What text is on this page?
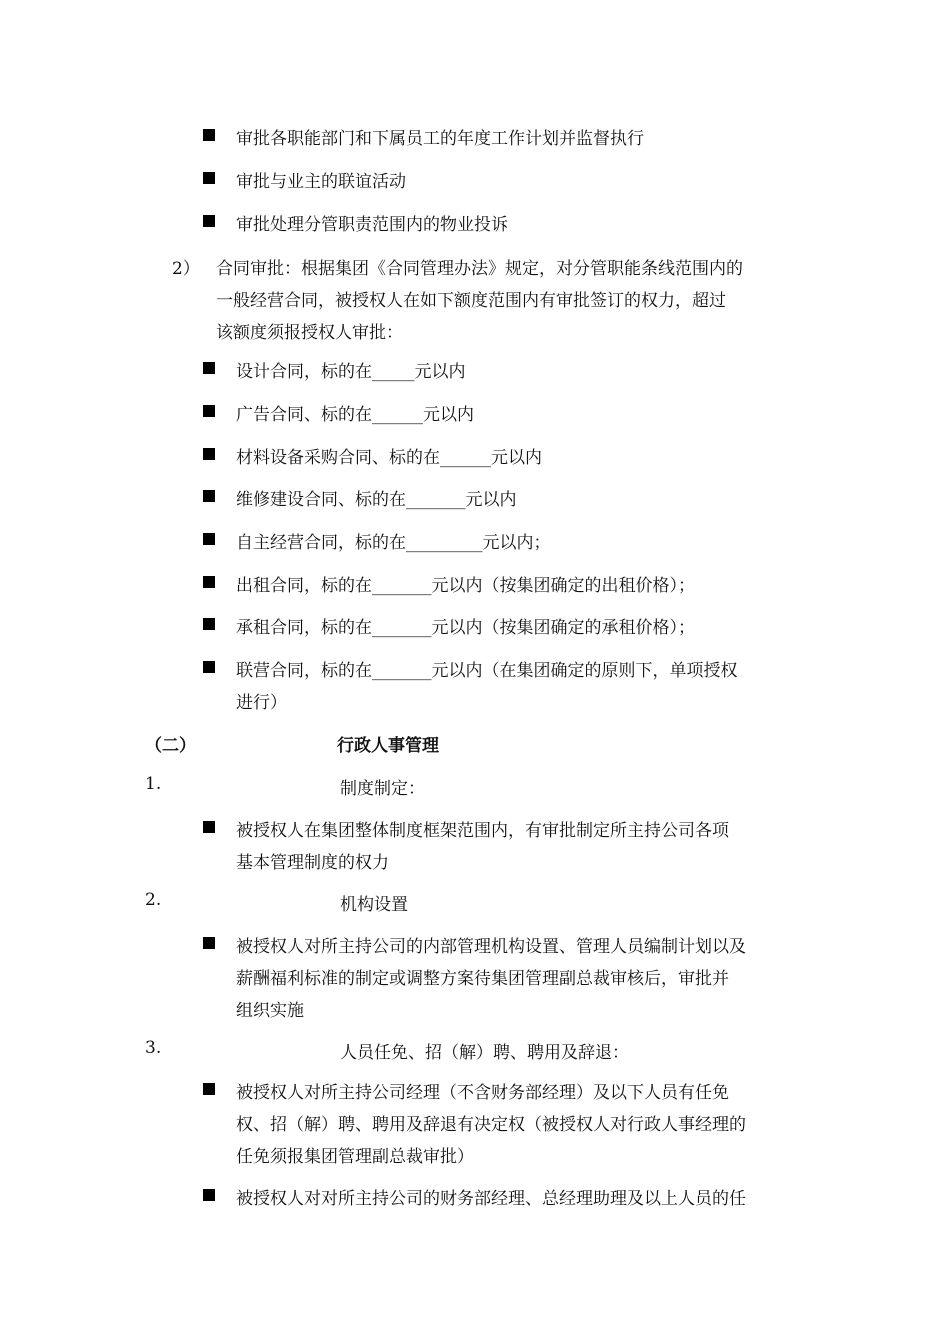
审批各职能部门和下属员工的年度工作计划并监督执行
审批与业主的联谊活动
审批处理分管职责范围内的物业投诉
2） 合同审批：根据集团《合同管理办法》规定，对分管职能条线范围内的
一般经营合同，被授权人在如下额度范围内有审批签订的权力，超过
该额度须报授权人审批：
设计合同，标的在_____元以内
广告合同、标的在______元以内
材料设备采购合同、标的在______元以内
维修建设合同、标的在_______元以内
自主经营合同，标的在_________元以内；
出租合同，标的在_______元以内（按集团确定的出租价格）；
承租合同，标的在_______元以内（按集团确定的承租价格）；
联营合同，标的在_______元以内（在集团确定的原则下，单项授权
进行）
（二）	行政人事管理
1.	制度制定：
被授权人在集团整体制度框架范围内，有审批制定所主持公司各项
基本管理制度的权力
2.	机构设置
被授权人对所主持公司的内部管理机构设置、管理人员编制计划以及
薪酬福利标准的制定或调整方案待集团管理副总裁审核后，审批并
组织实施
3.	人员任免、招（解）聘、聘用及辞退：
被授权人对所主持公司经理（不含财务部经理）及以下人员有任免
权、招（解）聘、聘用及辞退有决定权（被授权人对行政人事经理的
任免须报集团管理副总裁审批）
被授权人对对所主持公司的财务部经理、总经理助理及以上人员的任
